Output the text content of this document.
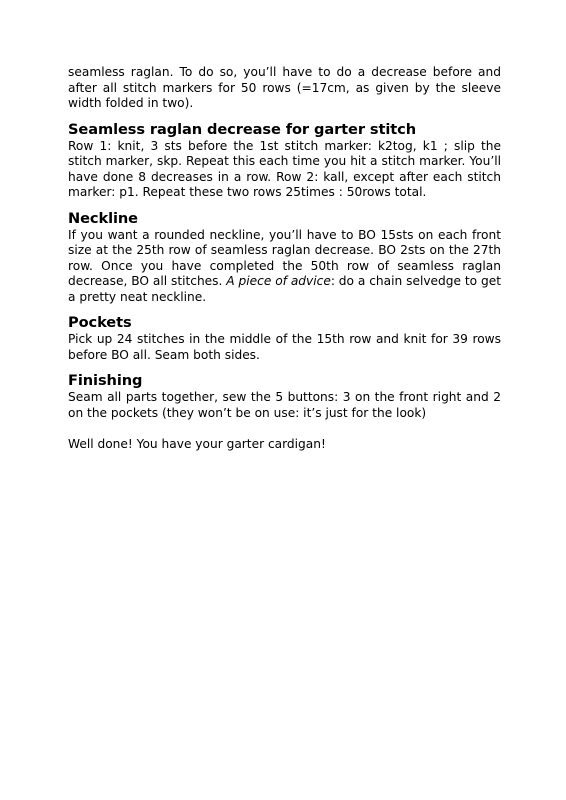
seamless raglan. To do so, you’ll have to do a decrease before and after all stitch markers for 50 rows (=17cm, as given by the sleeve width folded in two).

Seamless raglan decrease for garter stitch

Row 1: knit, 3 sts before the 1st stitch marker: k2tog, k1 ; slip the stitch marker, skp. Repeat this each time you hit a stitch marker. You’ll have done 8 decreases in a row. Row 2: kall, except after each stitch marker: p1. Repeat these two rows 25times : 50rows total.

Neckline

If you want a rounded neckline, you’ll have to BO 15sts on each front size at the 25th row of seamless raglan decrease. BO 2sts on the 27th row. Once you have completed the 50th row of seamless raglan decrease, BO all stitches. A piece of advice: do a chain selvedge to get a pretty neat neckline.

Pockets

Pick up 24 stitches in the middle of the 15th row and knit for 39 rows before BO all. Seam both sides.

Finishing

Seam all parts together, sew the 5 buttons: 3 on the front right and 2 on the pockets (they won’t be on use: it’s just for the look)

Well done! You have your garter cardigan!
